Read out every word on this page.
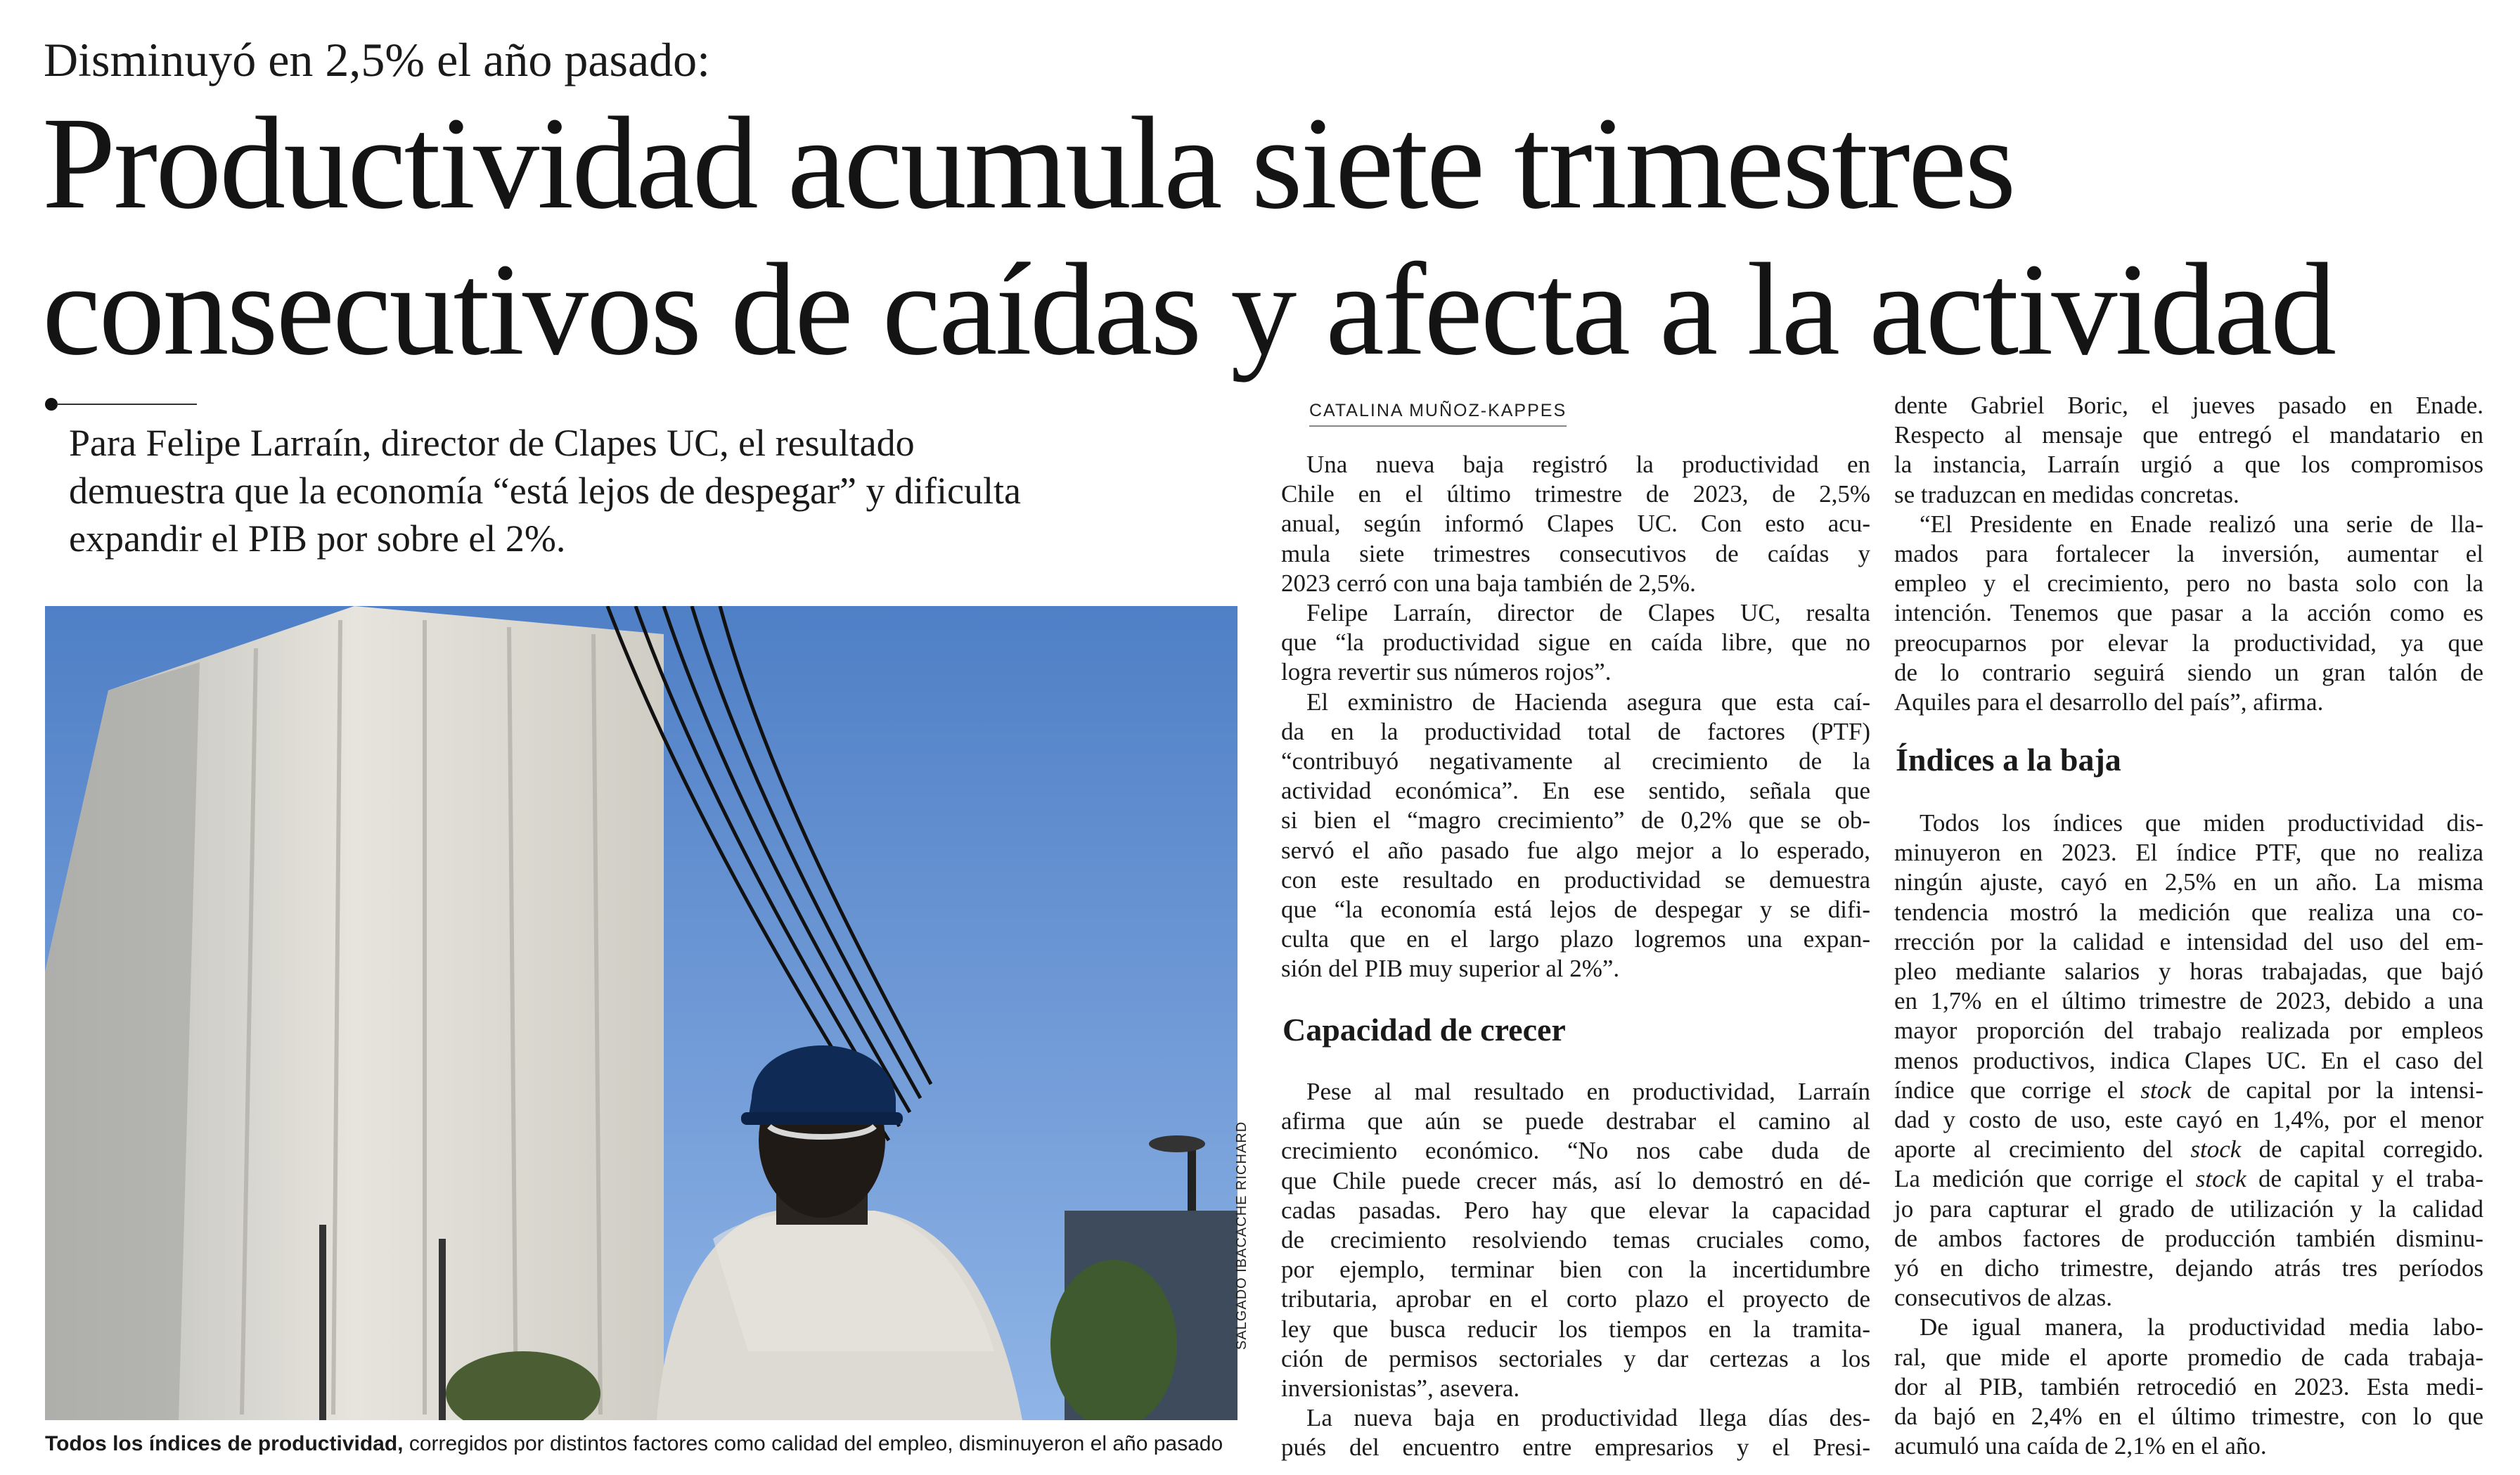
Disminuyó en 2,5% el año pasado:
Productividad acumula siete trimestres
consecutivos de caídas y afecta a la actividad
Para Felipe Larraín, director de Clapes UC, el resultado
demuestra que la economía “está lejos de despegar” y dificulta
expandir el PIB por sobre el 2%.
SALGADO IBACACHE RICHARD
Todos los índices de productividad, corregidos por distintos factores como calidad del empleo, disminuyeron el año pasado
CATALINA MUÑOZ-KAPPES
Una nueva baja registró la productividad en
Chile en el último trimestre de 2023, de 2,5%
anual, según informó Clapes UC. Con esto acu-
mula siete trimestres consecutivos de caídas y
2023 cerró con una baja también de 2,5%.
Felipe Larraín, director de Clapes UC, resalta
que “la productividad sigue en caída libre, que no
logra revertir sus números rojos”.
El exministro de Hacienda asegura que esta caí-
da en la productividad total de factores (PTF)
“contribuyó negativamente al crecimiento de la
actividad económica”. En ese sentido, señala que
si bien el “magro crecimiento” de 0,2% que se ob-
servó el año pasado fue algo mejor a lo esperado,
con este resultado en productividad se demuestra
que “la economía está lejos de despegar y se difi-
culta que en el largo plazo logremos una expan-
sión del PIB muy superior al 2%”.
Capacidad de crecer
Pese al mal resultado en productividad, Larraín
afirma que aún se puede destrabar el camino al
crecimiento económico. “No nos cabe duda de
que Chile puede crecer más, así lo demostró en dé-
cadas pasadas. Pero hay que elevar la capacidad
de crecimiento resolviendo temas cruciales como,
por ejemplo, terminar bien con la incertidumbre
tributaria, aprobar en el corto plazo el proyecto de
ley que busca reducir los tiempos en la tramita-
ción de permisos sectoriales y dar certezas a los
inversionistas”, asevera.
La nueva baja en productividad llega días des-
pués del encuentro entre empresarios y el Presi-
dente Gabriel Boric, el jueves pasado en Enade.
Respecto al mensaje que entregó el mandatario en
la instancia, Larraín urgió a que los compromisos
se traduzcan en medidas concretas.
“El Presidente en Enade realizó una serie de lla-
mados para fortalecer la inversión, aumentar el
empleo y el crecimiento, pero no basta solo con la
intención. Tenemos que pasar a la acción como es
preocuparnos por elevar la productividad, ya que
de lo contrario seguirá siendo un gran talón de
Aquiles para el desarrollo del país”, afirma.
Índices a la baja
Todos los índices que miden productividad dis-
minuyeron en 2023. El índice PTF, que no realiza
ningún ajuste, cayó en 2,5% en un año. La misma
tendencia mostró la medición que realiza una co-
rrección por la calidad e intensidad del uso del em-
pleo mediante salarios y horas trabajadas, que bajó
en 1,7% en el último trimestre de 2023, debido a una
mayor proporción del trabajo realizada por empleos
menos productivos, indica Clapes UC. En el caso del
índice que corrige el stock de capital por la intensi-
dad y costo de uso, este cayó en 1,4%, por el menor
aporte al crecimiento del stock de capital corregido.
La medición que corrige el stock de capital y el traba-
jo para capturar el grado de utilización y la calidad
de ambos factores de producción también disminu-
yó en dicho trimestre, dejando atrás tres períodos
consecutivos de alzas.
De igual manera, la productividad media labo-
ral, que mide el aporte promedio de cada trabaja-
dor al PIB, también retrocedió en 2023. Esta medi-
da bajó en 2,4% en el último trimestre, con lo que
acumuló una caída de 2,1% en el año.
